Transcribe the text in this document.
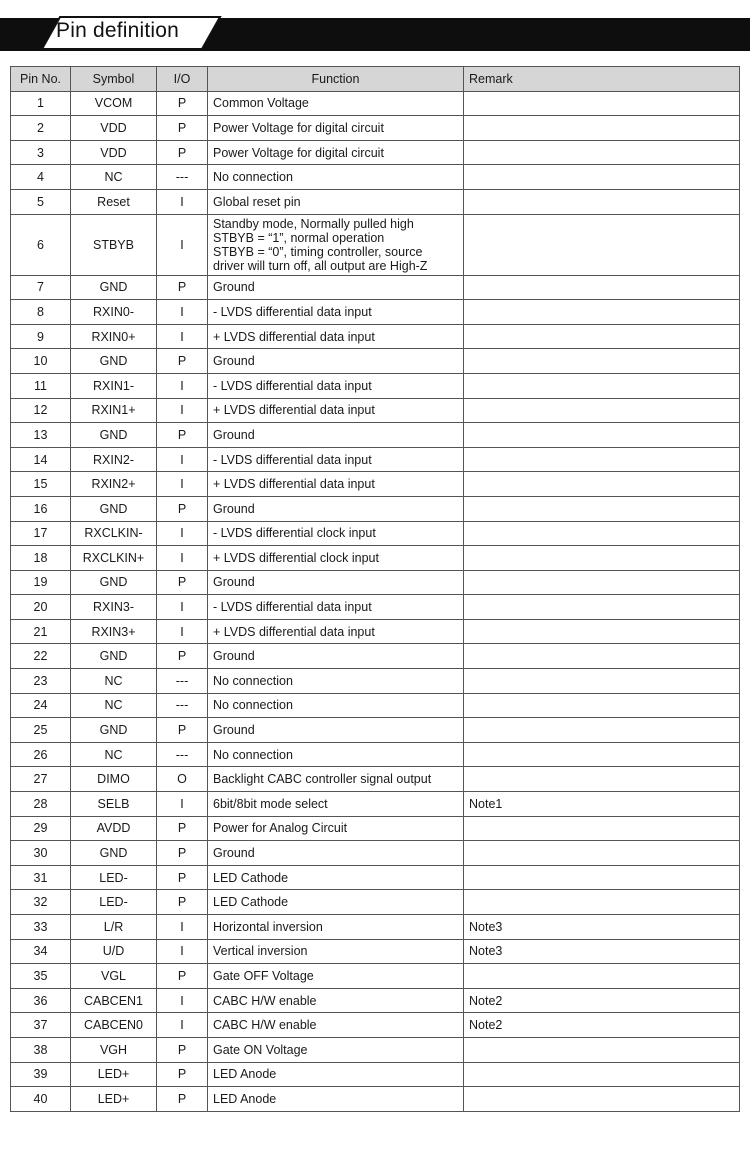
Pin definition
Pin No.	Symbol	I/O	Function	Remark
1	VCOM	P	Common Voltage	
2	VDD	P	Power Voltage for digital circuit	
3	VDD	P	Power Voltage for digital circuit	
4	NC	---	No connection	
5	Reset	I	Global reset pin	
6	STBYB	I	Standby mode, Normally pulled high
STBYB = “1”, normal operation
STBYB = “0”, timing controller, source
driver will turn off, all output are High-Z	

7	GND	P	Ground	
8	RXIN0-	I	- LVDS differential data input	
9	RXIN0+	I	+ LVDS differential data input	
10	GND	P	Ground	
11	RXIN1-	I	- LVDS differential data input	
12	RXIN1+	I	+ LVDS differential data input	
13	GND	P	Ground	
14	RXIN2-	I	- LVDS differential data input	
15	RXIN2+	I	+ LVDS differential data input	
16	GND	P	Ground	
17	RXCLKIN-	I	- LVDS differential clock input	
18	RXCLKIN+	I	+ LVDS differential clock input	
19	GND	P	Ground	
20	RXIN3-	I	- LVDS differential data input	
21	RXIN3+	I	+ LVDS differential data input	
22	GND	P	Ground	
23	NC	---	No connection	
24	NC	---	No connection	
25	GND	P	Ground	
26	NC	---	No connection	
27	DIMO	O	Backlight CABC controller signal output	
28	SELB	I	6bit/8bit mode select	Note1
29	AVDD	P	Power for Analog Circuit	
30	GND	P	Ground	
31	LED-	P	LED Cathode	
32	LED-	P	LED Cathode	
33	L/R	I	Horizontal inversion	Note3
34	U/D	I	Vertical inversion	Note3
35	VGL	P	Gate OFF Voltage	
36	CABCEN1	I	CABC H/W enable	Note2
37	CABCEN0	I	CABC H/W enable	Note2
38	VGH	P	Gate ON Voltage	
39	LED+	P	LED Anode	
40	LED+	P	LED Anode	
